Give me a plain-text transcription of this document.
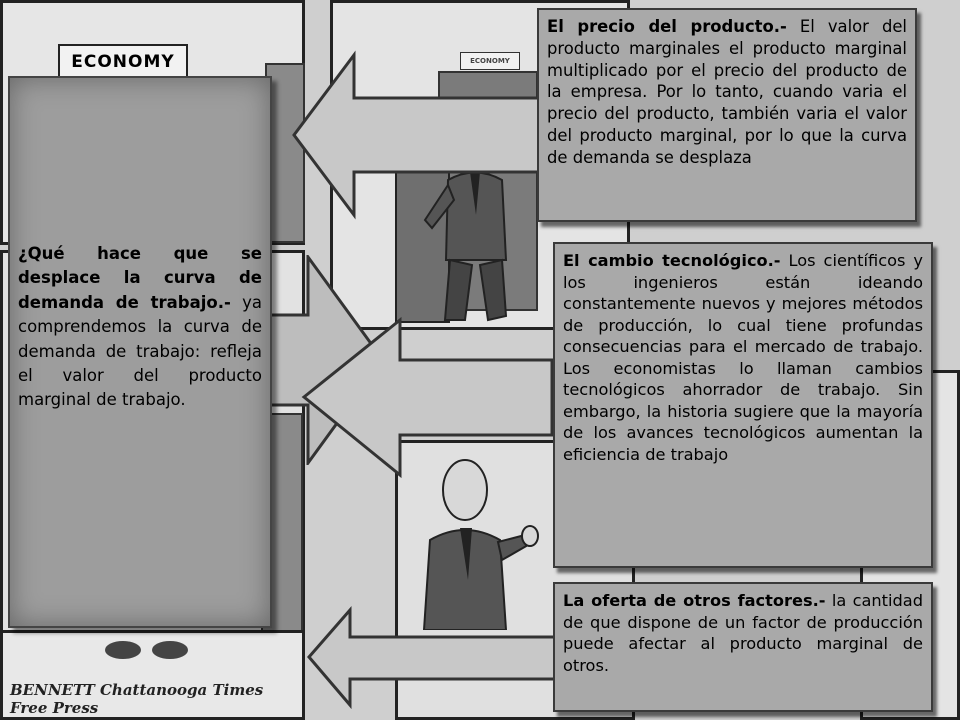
ECONOMY	ECONOMY
BENNETT Chattanooga Times Free Press
¿Qué hace que se desplace la curva de demanda de trabajo.- ya comprendemos la curva de demanda de trabajo: refleja el valor del producto marginal de trabajo.
El precio del producto.- El valor del producto marginales el producto marginal multiplicado por el precio del producto de la empresa. Por lo tanto, cuando varia el precio del producto, también varia el valor del producto marginal, por lo que la curva de demanda se desplaza
El cambio tecnológico.- Los científicos y los ingenieros están ideando constantemente nuevos y mejores métodos de producción, lo cual tiene profundas consecuencias para el mercado de trabajo. Los economistas lo llaman cambios tecnológicos ahorrador de trabajo. Sin embargo, la historia sugiere que la mayoría de los avances tecnológicos aumentan la eficiencia de trabajo
La oferta de otros factores.- la cantidad de que dispone de un factor de producción puede afectar al producto marginal de otros.
